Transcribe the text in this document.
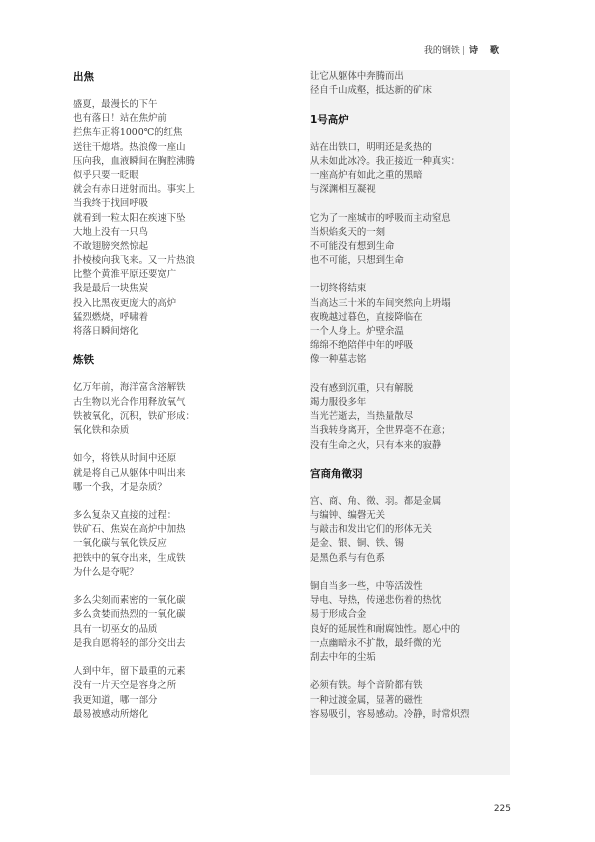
我的钢铁 | 诗歌
出焦
盛夏，最漫长的下午
也有落日！站在焦炉前
拦焦车正将1000℃的红焦
送往干熄塔。热浪像一座山
压向我，血液瞬间在胸腔沸腾
似乎只要一眨眼
就会有赤日迸射而出。事实上
当我终于找回呼吸
就看到一粒太阳在疾速下坠
大地上没有一只鸟
不敢翅膀突然惊起
扑棱棱向我飞来。又一片热浪
比整个黄淮平原还要宽广
我是最后一块焦炭
投入比黑夜更庞大的高炉
猛烈燃烧，呼啸着
将落日瞬间熔化
炼铁
亿万年前，海洋富含溶解铁
古生物以光合作用释放氧气
铁被氧化，沉积，铁矿形成：
氧化铁和杂质
如今，将铁从时间中还原
就是将自己从躯体中叫出来
哪一个我，才是杂质？
多么复杂又直接的过程：
铁矿石、焦炭在高炉中加热
一氧化碳与氧化铁反应
把铁中的氧夺出来，生成铁
为什么是夺呢？
多么尖刻而素密的一氧化碳
多么贪婪而热烈的一氧化碳
具有一切巫女的品质
是我自愿将轻的部分交出去
人到中年，留下最重的元素
没有一片天空是容身之所
我更知道，哪一部分
最易被感动所熔化
让它从躯体中奔腾而出
径自千山成壑，抵达新的矿床
1号高炉
站在出铁口，明明还是炙热的
从未如此冰冷。我正接近一种真实：
一座高炉有如此之重的黑暗
与深渊相互凝视
它为了一座城市的呼吸而主动窒息
当炽焰炙天的一刻
不可能没有想到生命
也不可能，只想到生命
一切终将结束
当高达三十米的车间突然向上坍塌
夜晚越过暮色，直接降临在
一个人身上。炉壁余温
绵绵不绝陪伴中年的呼吸
像一种墓志铭
没有感到沉重，只有解脱
竭力服役多年
当光芒逝去，当热量散尽
当我转身离开，全世界毫不在意；
没有生命之火，只有本来的寂静
宫商角徵羽
宫、商、角、徵、羽。都是金属
与编钟、编磬无关
与敲击和发出它们的形体无关
是金、银、铜、铁、锡
是黑色系与有色系
铜自当多一些，中等活泼性
导电、导热，传递悲伤着的热忱
易于形成合金
良好的延展性和耐腐蚀性。愿心中的
一点幽暗永不扩散，最纤微的光
刮去中年的尘垢
必须有铁。每个音阶都有铁
一种过渡金属，显著的磁性
容易吸引，容易感动。冷静，时常炽烈
225
